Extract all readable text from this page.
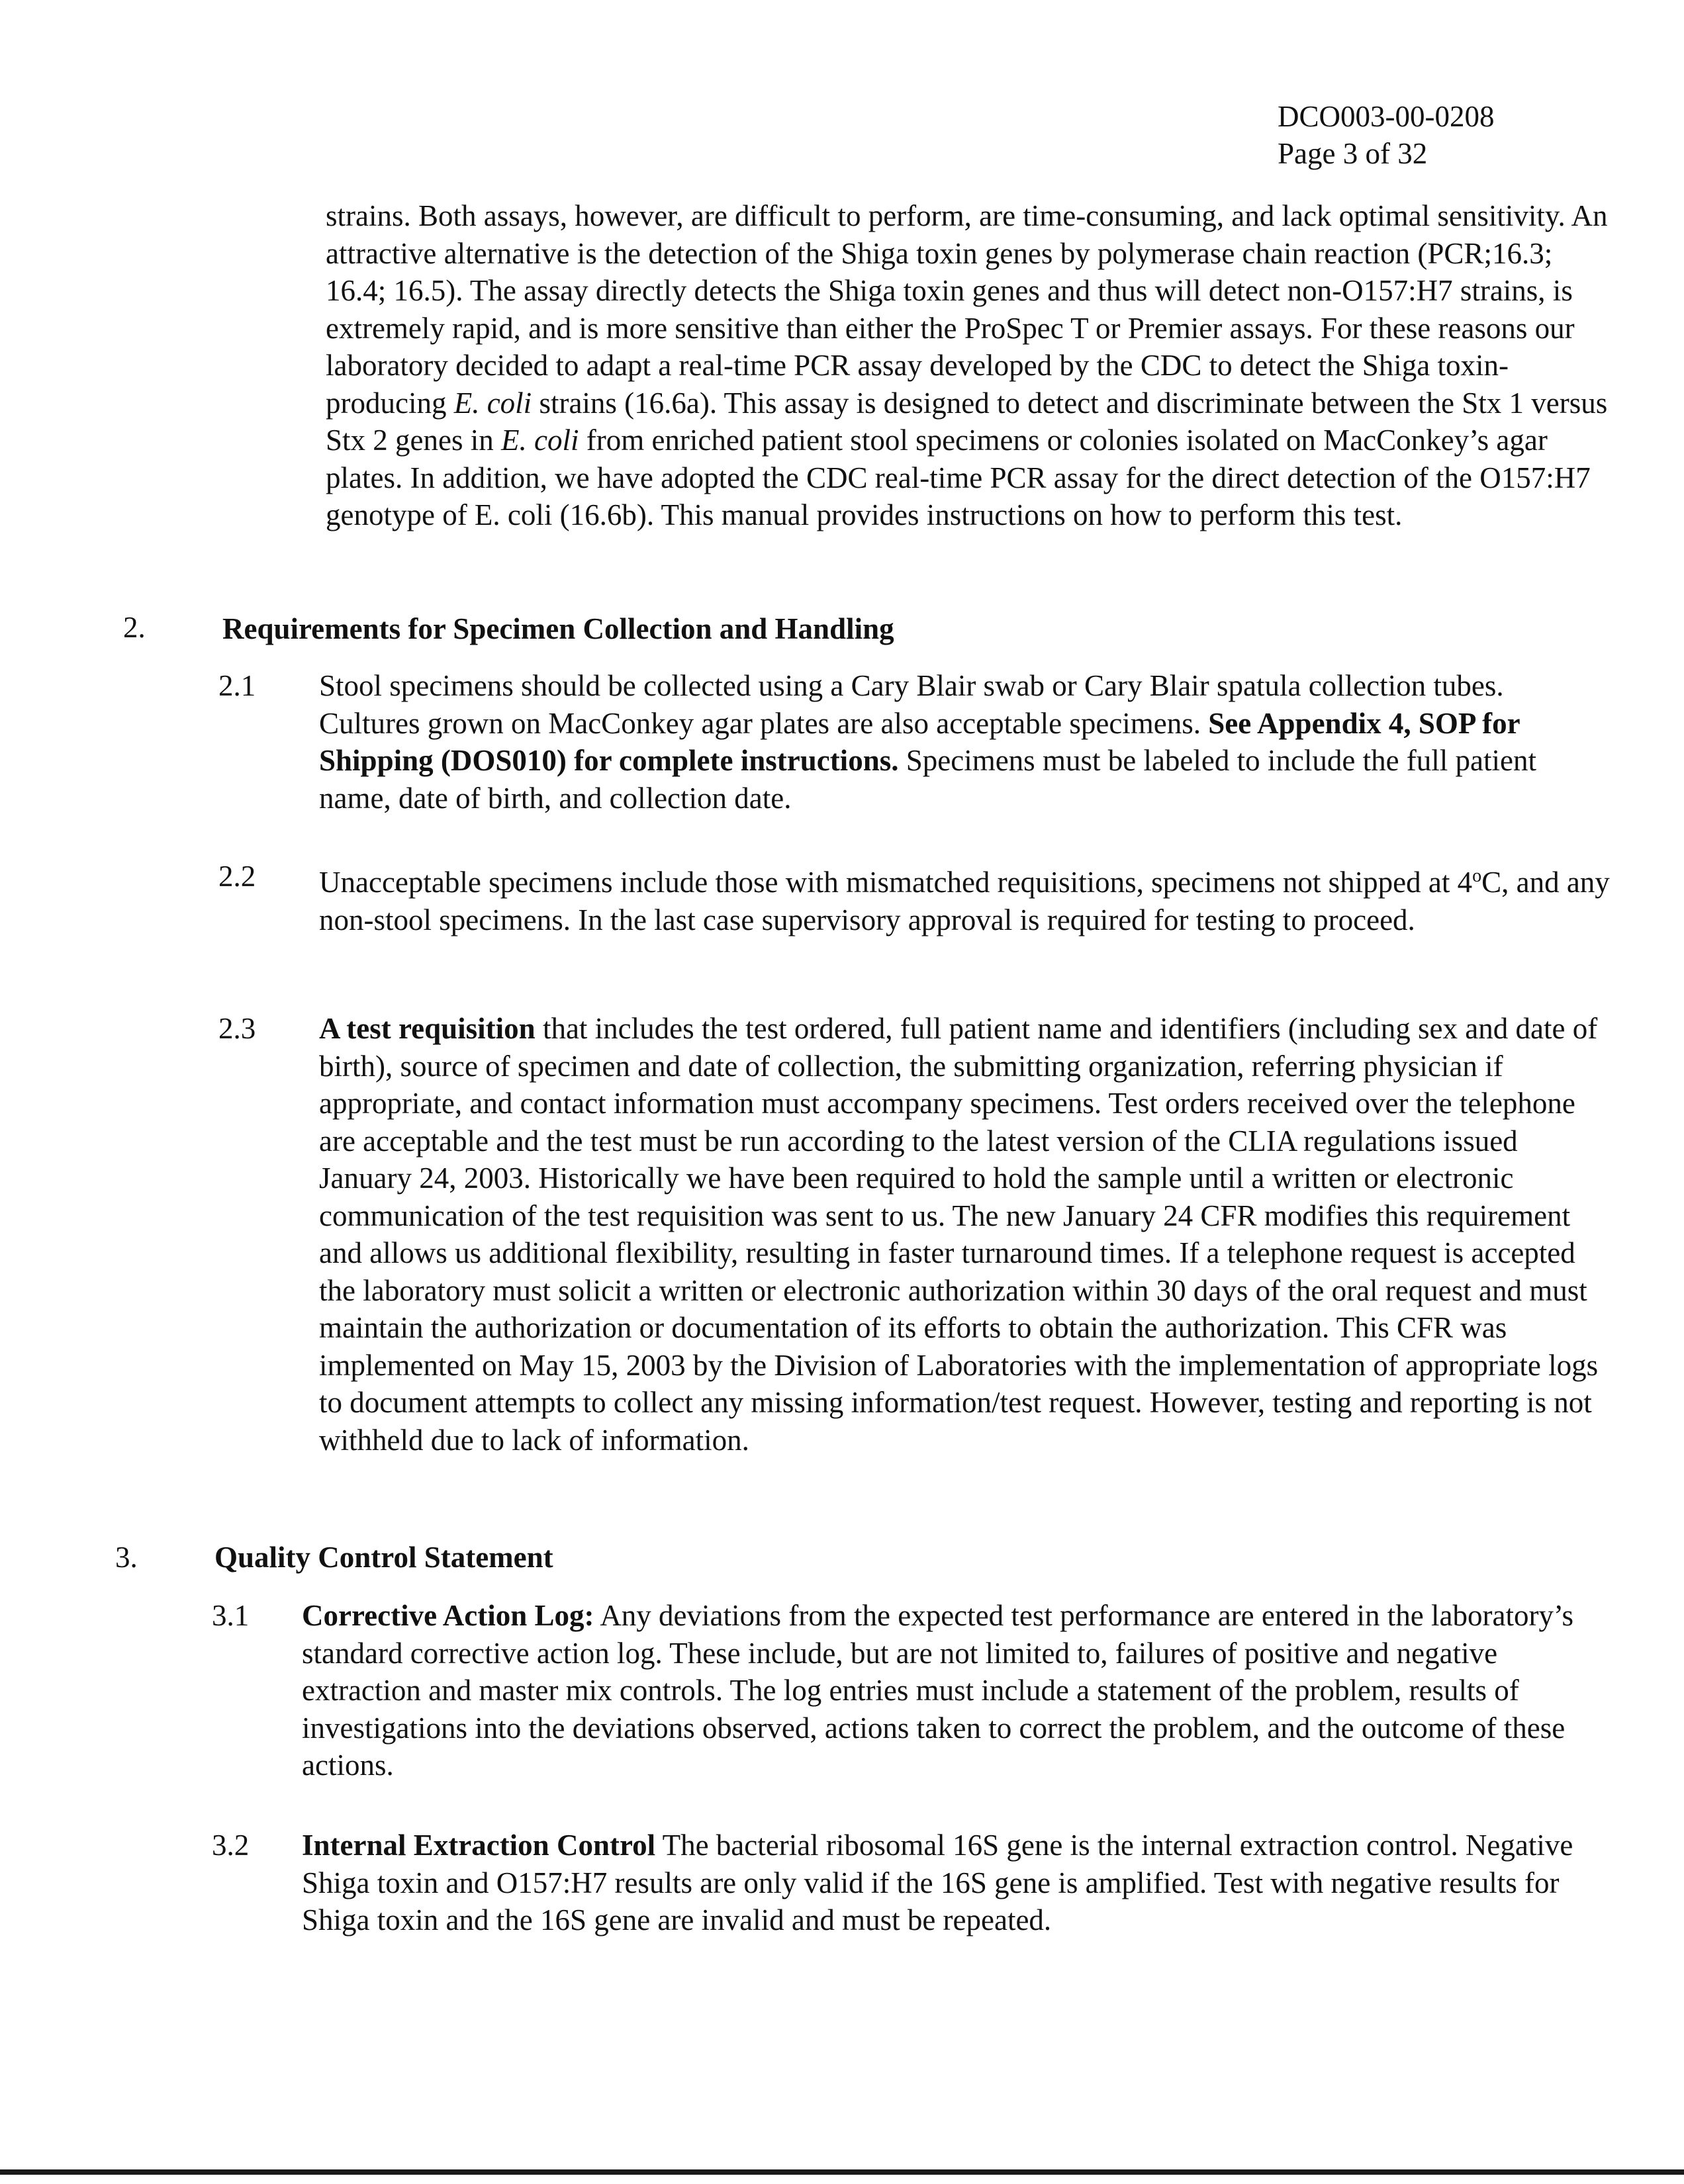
DCO003-00-0208
Page 3 of 32

strains. Both assays, however, are difficult to perform, are time-consuming, and lack optimal sensitivity. An attractive alternative is the detection of the Shiga toxin genes by polymerase chain reaction (PCR;16.3; 16.4; 16.5). The assay directly detects the Shiga toxin genes and thus will detect non-O157:H7 strains, is extremely rapid, and is more sensitive than either the ProSpec T or Premier assays. For these reasons our laboratory decided to adapt a real-time PCR assay developed by the CDC to detect the Shiga toxin-producing E. coli strains (16.6a). This assay is designed to detect and discriminate between the Stx 1 versus Stx 2 genes in E. coli from enriched patient stool specimens or colonies isolated on MacConkey’s agar plates. In addition, we have adopted the CDC real-time PCR assay for the direct detection of the O157:H7 genotype of E. coli (16.6b). This manual provides instructions on how to perform this test.

2.	Requirements for Specimen Collection and Handling
2.1 Stool specimens should be collected using a Cary Blair swab or Cary Blair spatula collection tubes. Cultures grown on MacConkey agar plates are also acceptable specimens. See Appendix 4, SOP for Shipping (DOS010) for complete instructions. Specimens must be labeled to include the full patient name, date of birth, and collection date.

2.2 Unacceptable specimens include those with mismatched requisitions, specimens not shipped at 4$^o$C, and any non-stool specimens. In the last case supervisory approval is required for testing to proceed.

2.3 A test requisition that includes the test ordered, full patient name and identifiers (including sex and date of birth), source of specimen and date of collection, the submitting organization, referring physician if appropriate, and contact information must accompany specimens. Test orders received over the telephone are acceptable and the test must be run according to the latest version of the CLIA regulations issued January 24, 2003. Historically we have been required to hold the sample until a written or electronic communication of the test requisition was sent to us. The new January 24 CFR modifies this requirement and allows us additional flexibility, resulting in faster turnaround times. If a telephone request is accepted the laboratory must solicit a written or electronic authorization within 30 days of the oral request and must maintain the authorization or documentation of its efforts to obtain the authorization. This CFR was implemented on May 15, 2003 by the Division of Laboratories with the implementation of appropriate logs to document attempts to collect any missing information/test request. However, testing and reporting is not withheld due to lack of information.

3.	Quality Control Statement
3.1 Corrective Action Log: Any deviations from the expected test performance are entered in the laboratory’s standard corrective action log. These include, but are not limited to, failures of positive and negative extraction and master mix controls. The log entries must include a statement of the problem, results of investigations into the deviations observed, actions taken to correct the problem, and the outcome of these actions.

3.2 Internal Extraction Control The bacterial ribosomal 16S gene is the internal extraction control. Negative Shiga toxin and O157:H7 results are only valid if the 16S gene is amplified. Test with negative results for Shiga toxin and the 16S gene are invalid and must be repeated.
